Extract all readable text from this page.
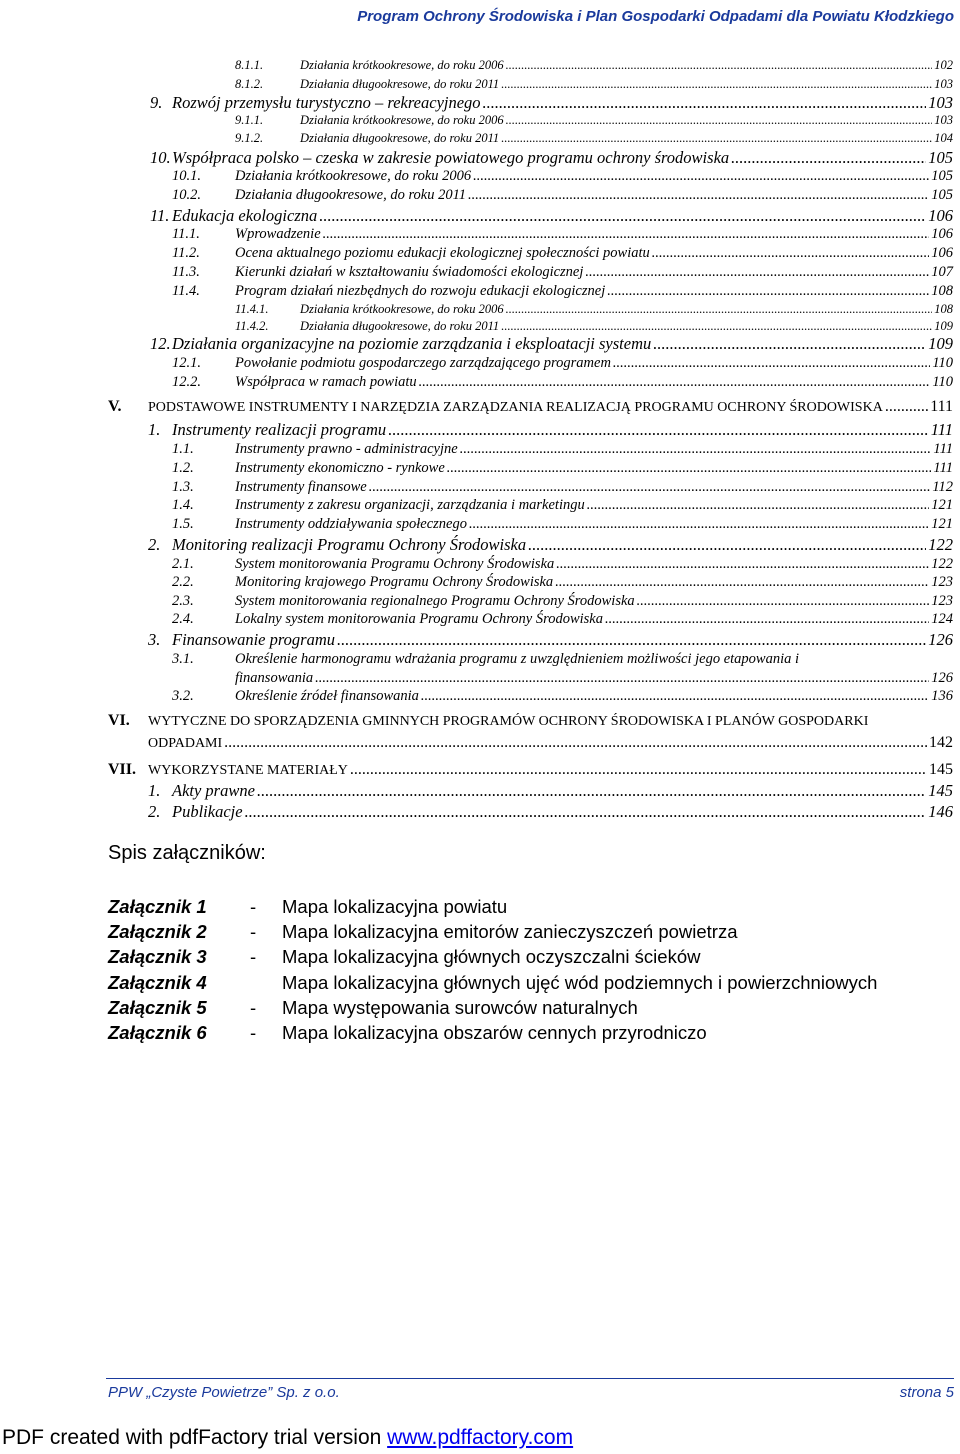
Program Ochrony Środowiska i Plan Gospodarki Odpadami dla Powiatu Kłodzkiego
8.1.1.	Działania krótkookresowe, do roku 2006 .....	102
8.1.2.	Działania długookresowe, do roku 2011 .....	103
9. Rozwój przemysłu turystyczno – rekreacyjnego .....	103
9.1.1.	Działania krótkookresowe, do roku 2006 .....	103
9.1.2.	Działania długookresowe, do roku 2011 .....	104
10. Współpraca polsko – czeska w zakresie powiatowego programu ochrony środowiska .....	105
10.1.	Działania krótkookresowe, do roku 2006 .....	105
10.2.	Działania długookresowe, do roku 2011 .....	105
11. Edukacja ekologiczna .....	106
11.1.	Wprowadzenie .....	106
11.2.	Ocena aktualnego poziomu edukacji ekologicznej społeczności powiatu .....	106
11.3.	Kierunki działań w kształtowaniu świadomości ekologicznej .....	107
11.4.	Program działań niezbędnych do rozwoju edukacji ekologicznej .....	108
11.4.1.	Działania krótkookresowe, do roku 2006 .....	108
11.4.2.	Działania długookresowe, do roku 2011 .....	109
12. Działania organizacyjne na poziomie zarządzania i eksploatacji systemu .....	109
12.1.	Powołanie podmiotu gospodarczego zarządzającego programem .....	110
12.2.	Współpraca w ramach powiatu .....	110
V.	PODSTAWOWE INSTRUMENTY I NARZĘDZIA ZARZĄDZANIA REALIZACJĄ PROGRAMU OCHRONY ŚRODOWISKA .....	111
1. Instrumenty realizacji programu .....	111
1.1.	Instrumenty prawno - administracyjne .....	111
1.2.	Instrumenty ekonomiczno - rynkowe .....	111
1.3.	Instrumenty finansowe .....	112
1.4.	Instrumenty z zakresu organizacji, zarządzania i marketingu .....	121
1.5.	Instrumenty oddziaływania społecznego .....	121
2. Monitoring realizacji Programu Ochrony Środowiska .....	122
2.1.	System monitorowania Programu Ochrony Środowiska .....	122
2.2.	Monitoring krajowego Programu Ochrony Środowiska .....	123
2.3.	System monitorowania regionalnego Programu Ochrony Środowiska .....	123
2.4.	Lokalny system monitorowania Programu Ochrony Środowiska .....	124
3. Finansowanie programu .....	126
3.1.	Określenie harmonogramu wdrażania programu z uwzględnieniem możliwości jego etapowania i
finansowania .....	126
3.2.	Określenie źródeł finansowania .....	136
VI.	WYTYCZNE DO SPORZĄDZENIA GMINNYCH PROGRAMÓW OCHRONY ŚRODOWISKA I PLANÓW GOSPODARKI
ODPADAMI .....	142
VII. WYKORZYSTANE MATERIAŁY .....	145
1. Akty prawne .....	145
2. Publikacje .....	146
Spis załączników:
Załącznik 1	-	Mapa lokalizacyjna powiatu
Załącznik 2	-	Mapa lokalizacyjna emitorów zanieczyszczeń powietrza
Załącznik 3	-	Mapa lokalizacyjna głównych oczyszczalni ścieków
Załącznik 4	Mapa lokalizacyjna głównych ujęć wód podziemnych i powierzchniowych
Załącznik 5	-	Mapa występowania surowców naturalnych
Załącznik 6	-	Mapa lokalizacyjna obszarów cennych przyrodniczo
PPW „Czyste Powietrze” Sp. z o.o.	strona 5
PDF created with pdfFactory trial version www.pdffactory.com
